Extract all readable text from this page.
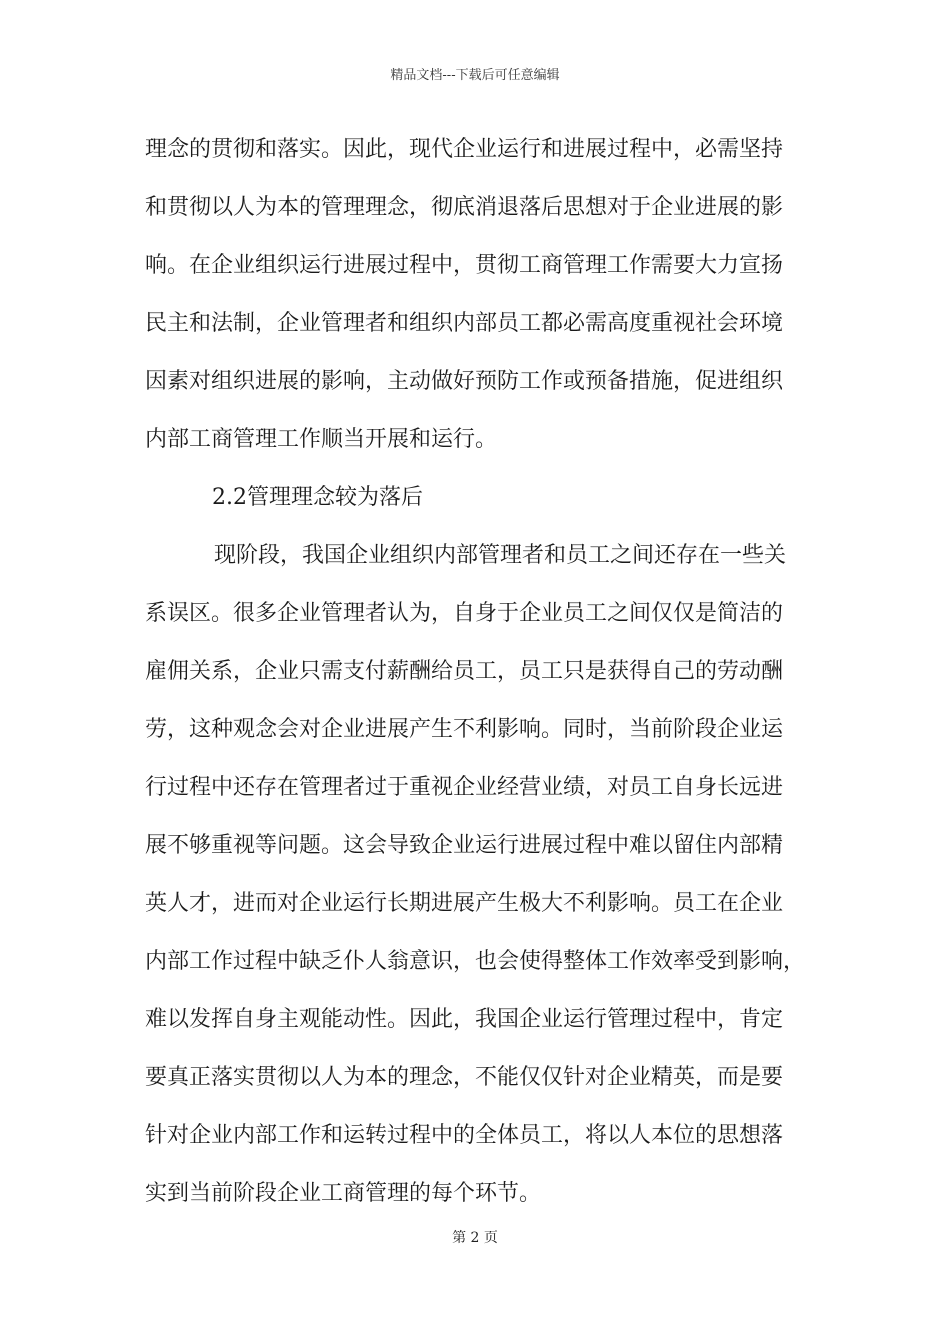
精品文档---下载后可任意编辑
理念的贯彻和落实。因此，现代企业运行和进展过程中，必需坚持
和贯彻以人为本的管理理念，彻底消退落后思想对于企业进展的影
响。在企业组织运行进展过程中，贯彻工商管理工作需要大力宣扬
民主和法制，企业管理者和组织内部员工都必需高度重视社会环境
因素对组织进展的影响，主动做好预防工作或预备措施，促进组织
内部工商管理工作顺当开展和运行。
2.2管理理念较为落后
现阶段，我国企业组织内部管理者和员工之间还存在一些关
系误区。很多企业管理者认为，自身于企业员工之间仅仅是简洁的
雇佣关系，企业只需支付薪酬给员工，员工只是获得自己的劳动酬
劳，这种观念会对企业进展产生不利影响。同时，当前阶段企业运
行过程中还存在管理者过于重视企业经营业绩，对员工自身长远进
展不够重视等问题。这会导致企业运行进展过程中难以留住内部精
英人才，进而对企业运行长期进展产生极大不利影响。员工在企业
内部工作过程中缺乏仆人翁意识，也会使得整体工作效率受到影响，
难以发挥自身主观能动性。因此，我国企业运行管理过程中，肯定
要真正落实贯彻以人为本的理念，不能仅仅针对企业精英，而是要
针对企业内部工作和运转过程中的全体员工，将以人本位的思想落
实到当前阶段企业工商管理的每个环节。
第 2 页
